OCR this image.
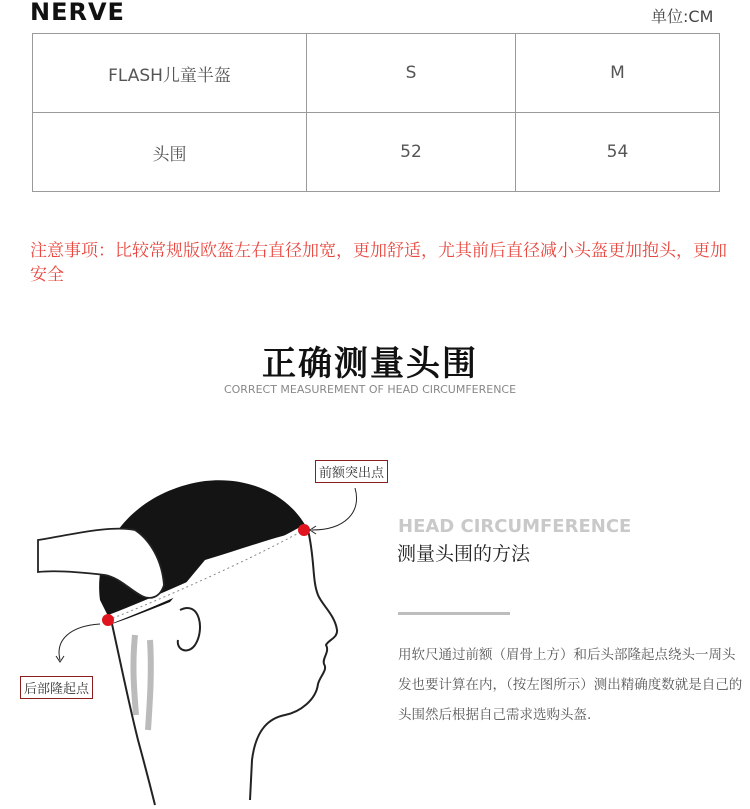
NERVE	单位:CM
FLASH儿童半盔	S	M
头围	52	54
注意事项：比较常规版欧盔左右直径加宽，更加舒适，尤其前后直径减小头盔更加抱头，更加安全
正确测量头围
CORRECT MEASUREMENT OF HEAD CIRCUMFERENCE
前额突出点
后部隆起点
HEAD CIRCUMFERENCE
测量头围的方法
用软尺通过前额（眉骨上方）和后头部隆起点绕头一周头发也要计算在内，（按左图所示）测出精确度数就是自己的头围然后根据自己需求选购头盔.
